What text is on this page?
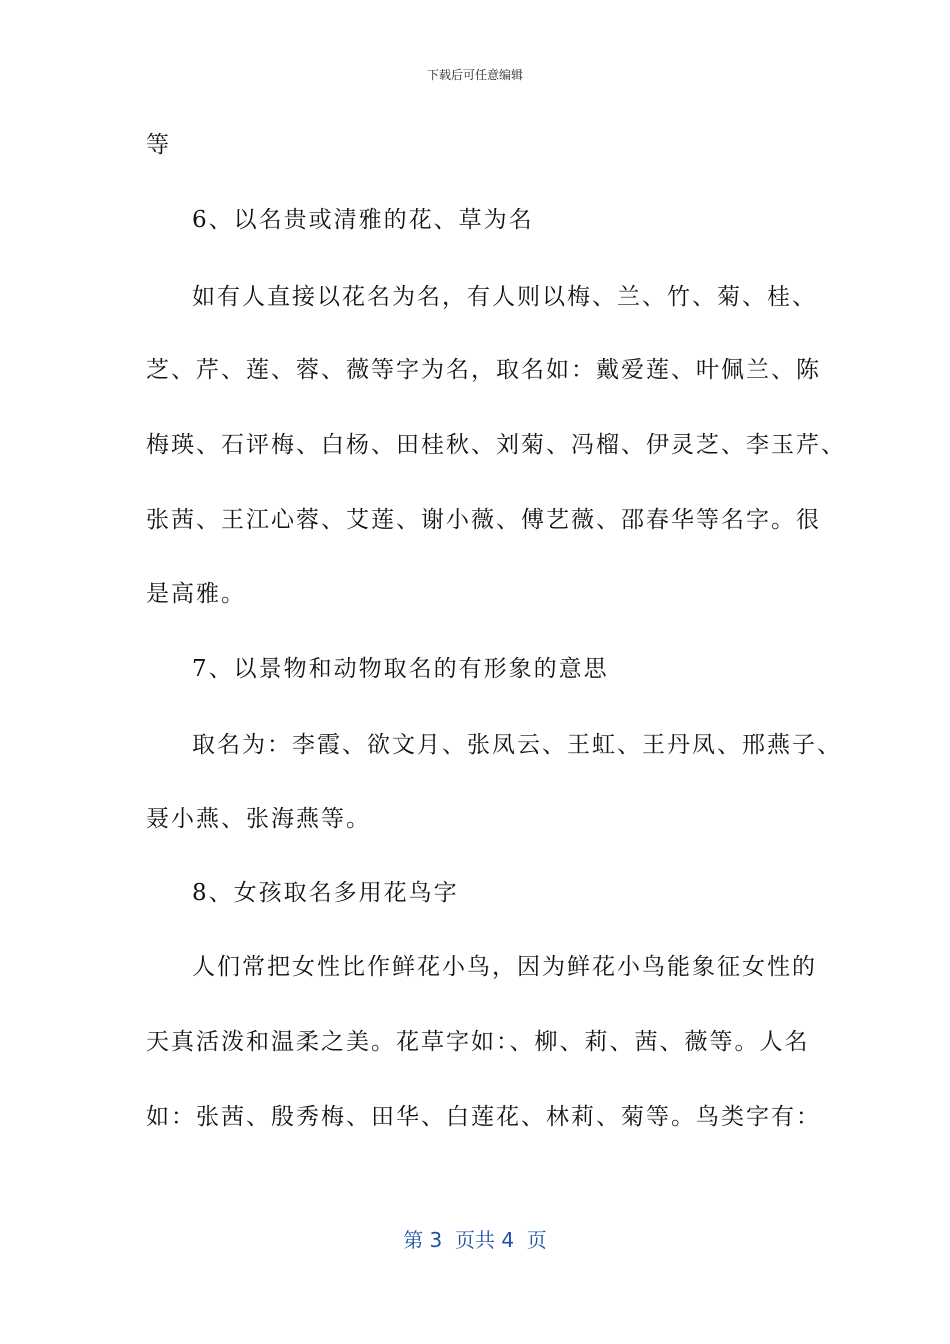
下载后可任意编辑
等
6、以名贵或清雅的花、草为名
如有人直接以花名为名，有人则以梅、兰、竹、菊、桂、
芝、芹、莲、蓉、薇等字为名，取名如：戴爱莲、叶佩兰、陈
梅瑛、石评梅、白杨、田桂秋、刘菊、冯榴、伊灵芝、李玉芹、
张茜、王江心蓉、艾莲、谢小薇、傅艺薇、邵春华等名字。很
是高雅。
7、以景物和动物取名的有形象的意思
取名为：李霞、欲文月、张凤云、王虹、王丹凤、邢燕子、
聂小燕、张海燕等。
8、女孩取名多用花鸟字
人们常把女性比作鲜花小鸟，因为鲜花小鸟能象征女性的
天真活泼和温柔之美。花草字如：、柳、莉、茜、薇等。人名
如：张茜、殷秀梅、田华、白莲花、林莉、菊等。鸟类字有：
第 3  页共 4  页
